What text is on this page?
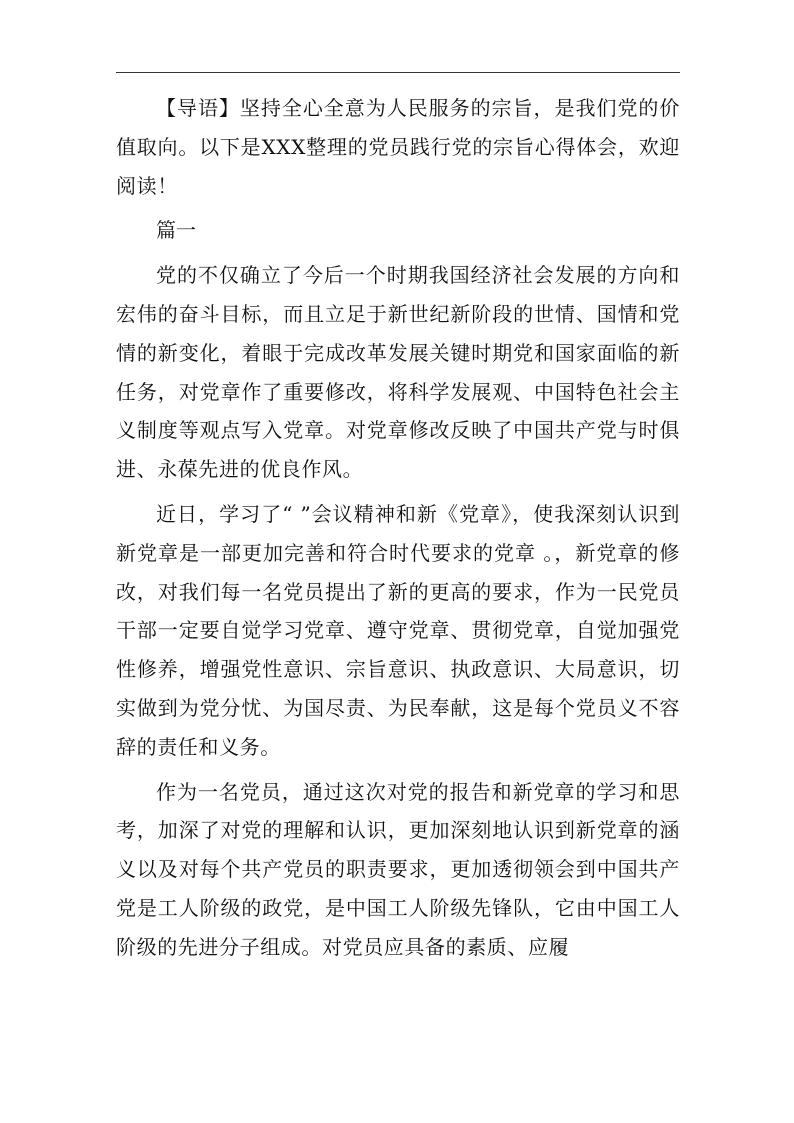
【导语】坚持全心全意为人民服务的宗旨，是我们党的价值取向。以下是XXX整理的党员践行党的宗旨心得体会，欢迎阅读！

篇一

党的不仅确立了今后一个时期我国经济社会发展的方向和宏伟的奋斗目标，而且立足于新世纪新阶段的世情、国情和党情的新变化，着眼于完成改革发展关键时期党和国家面临的新任务，对党章作了重要修改，将科学发展观、中国特色社会主义制度等观点写入党章。对党章修改反映了中国共产党与时俱进、永葆先进的优良作风。

近日，学习了“ ”会议精神和新《党章》，使我深刻认识到新党章是一部更加完善和符合时代要求的党章 。，新党章的修改，对我们每一名党员提出了新的更高的要求，作为一民党员干部一定要自觉学习党章、遵守党章、贯彻党章，自觉加强党性修养，增强党性意识、宗旨意识、执政意识、大局意识，切实做到为党分忧、为国尽责、为民奉献，这是每个党员义不容辞的责任和义务。

作为一名党员，通过这次对党的报告和新党章的学习和思考，加深了对党的理解和认识，更加深刻地认识到新党章的涵义以及对每个共产党员的职责要求，更加透彻领会到中国共产党是工人阶级的政党，是中国工人阶级先锋队，它由中国工人阶级的先进分子组成。对党员应具备的素质、应履
